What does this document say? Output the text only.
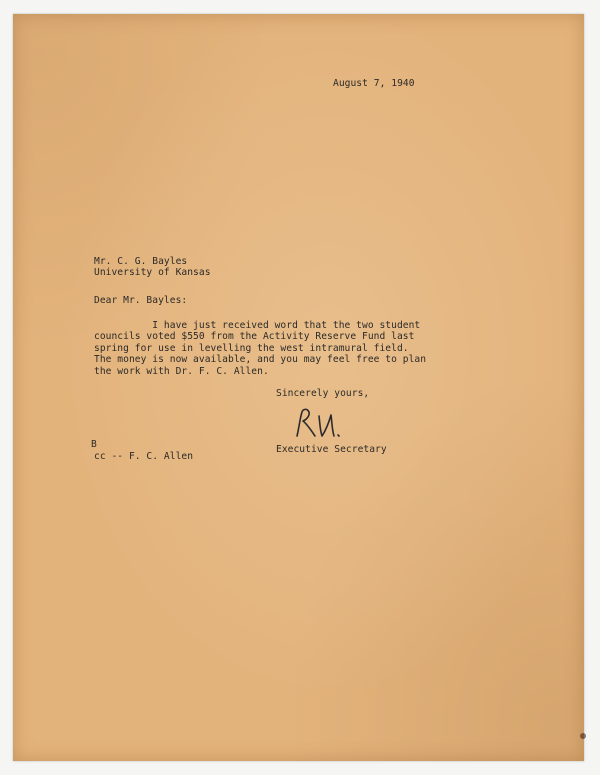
August 7, 1940
Mr. C. G. Bayles
University of Kansas
Dear Mr. Bayles:
I have just received word that the two student
councils voted $550 from the Activity Reserve Fund last
spring for use in levelling the west intramural field.
The money is now available, and you may feel free to plan
the work with Dr. F. C. Allen.
Sincerely yours,
Executive Secretary
B
cc -- F. C. Allen
